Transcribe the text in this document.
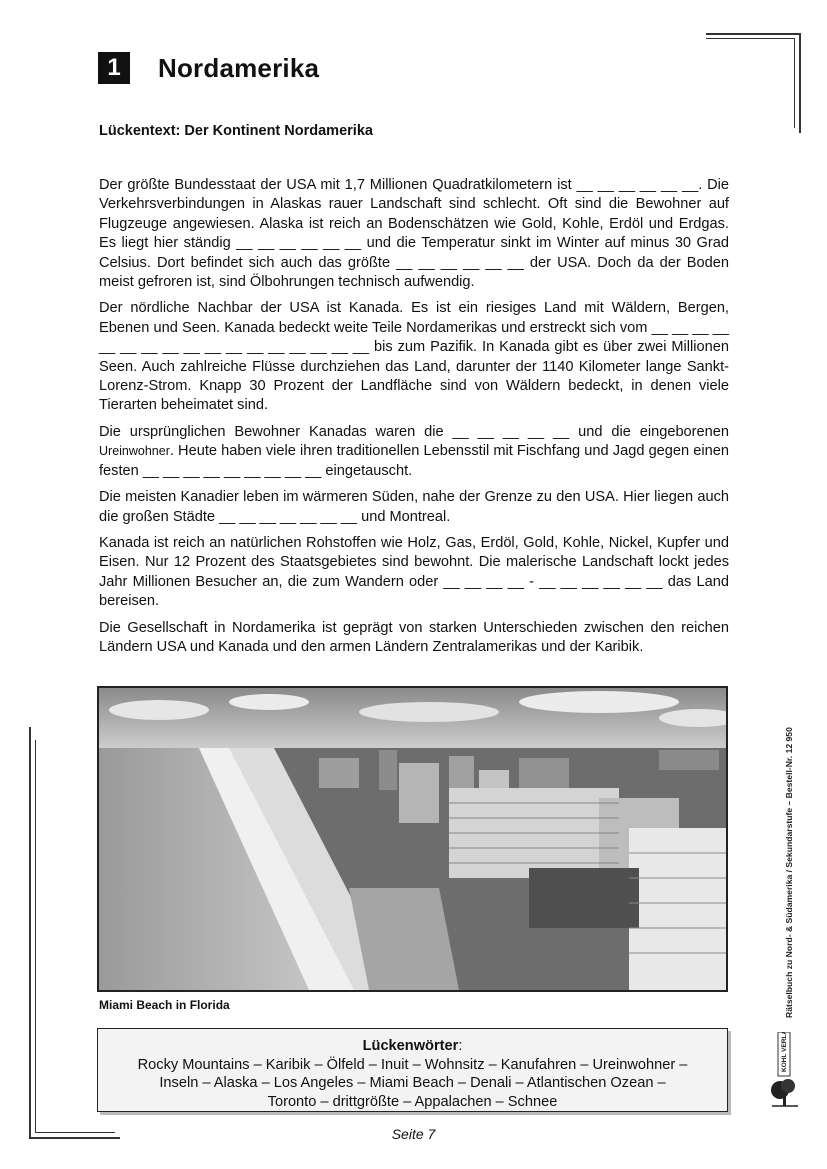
1	Nordamerika
Lückentext: Der Kontinent Nordamerika

Der größte Bundesstaat der USA mit 1,7 Millionen Quadratkilometern ist __ __ __ __ __ __. Die Verkehrsverbindungen in Alaskas rauer Landschaft sind schlecht. Oft sind die Bewohner auf Flugzeuge angewiesen. Alaska ist reich an Bodenschätzen wie Gold, Kohle, Erdöl und Erdgas. Es liegt hier ständig __ __ __ __ __ __ und die Temperatur sinkt im Winter auf minus 30 Grad Celsius. Dort befindet sich auch das größte __ __ __ __ __ __ der USA. Doch da der Boden meist gefroren ist, sind Ölbohrungen technisch aufwendig.

Der nördliche Nachbar der USA ist Kanada. Es ist ein riesiges Land mit Wäldern, Bergen, Ebenen und Seen. Kanada bedeckt weite Teile Nordamerikas und erstreckt sich vom __ __ __ __ __ __ __ __ __ __ __ __ __ __ __ __ __ bis zum Pazifik. In Kanada gibt es über zwei Millionen Seen. Auch zahlreiche Flüsse durchziehen das Land, darunter der 1140 Kilometer lange Sankt-Lorenz-Strom. Knapp 30 Prozent der Landfläche sind von Wäldern bedeckt, in denen viele Tierarten beheimatet sind.

Die ursprünglichen Bewohner Kanadas waren die __ __ __ __ __ und die eingeborenen Ureinwohner. Heute haben viele ihren traditionellen Lebensstil mit Fischfang und Jagd gegen einen festen __ __ __ __ __ __ __ __ __ eingetauscht.

Die meisten Kanadier leben im wärmeren Süden, nahe der Grenze zu den USA. Hier liegen auch die großen Städte __ __ __ __ __ __ __ und Montreal.

Kanada ist reich an natürlichen Rohstoffen wie Holz, Gas, Erdöl, Gold, Kohle, Nickel, Kupfer und Eisen. Nur 12 Prozent des Staatsgebietes sind bewohnt. Die malerische Landschaft lockt jedes Jahr Millionen Besucher an, die zum Wandern oder __ __ __ __ - __ __ __ __ __ __ das Land bereisen.

Die Gesellschaft in Nordamerika ist geprägt von starken Unterschieden zwischen den reichen Ländern USA und Kanada und den armen Ländern Zentralamerikas und der Karibik.

Miami Beach in Florida
Lückenwörter:
Rocky Mountains – Karibik – Ölfeld – Inuit – Wohnsitz – Kanufahren – Ureinwohner –
Inseln – Alaska – Los Angeles – Miami Beach – Denali – Atlantischen Ozean –
Toronto – drittgrößte – Appalachen – Schnee
Seite 7
Rätselbuch zu Nord- & Südamerika / Sekundarstufe – Bestell-Nr. 12 950
KOHL VERLAG
